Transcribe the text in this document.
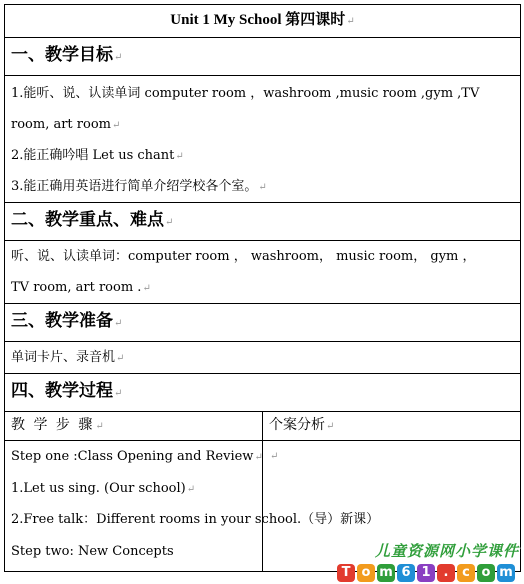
Unit 1 My School 第四课时↵	
一、教学目标↵	

1.能听、说、认读单词 computer room ，washroom ,music room ,gym ,TV
room, art room↵
2.能正确吟唱 Let us chant↵
3.能正确用英语进行简单介绍学校各个室。↵	

二、教学重点、难点↵	

听、说、认读单词：computer room ， washroom， music room， gym ，
TV room, art room .↵	

三、教学准备↵	

单词卡片、录音机↵	

四、教学过程↵	
教 学 步 骤↵	个案分析↵

Step one :Class Opening and Review↵
1.Let us sing. (Our school)↵
2.Free talk：Different rooms in your school.（导）新课）
Step two: New Concepts	↵
儿童资源网小学课件
T o m 6 1	.	c o m
